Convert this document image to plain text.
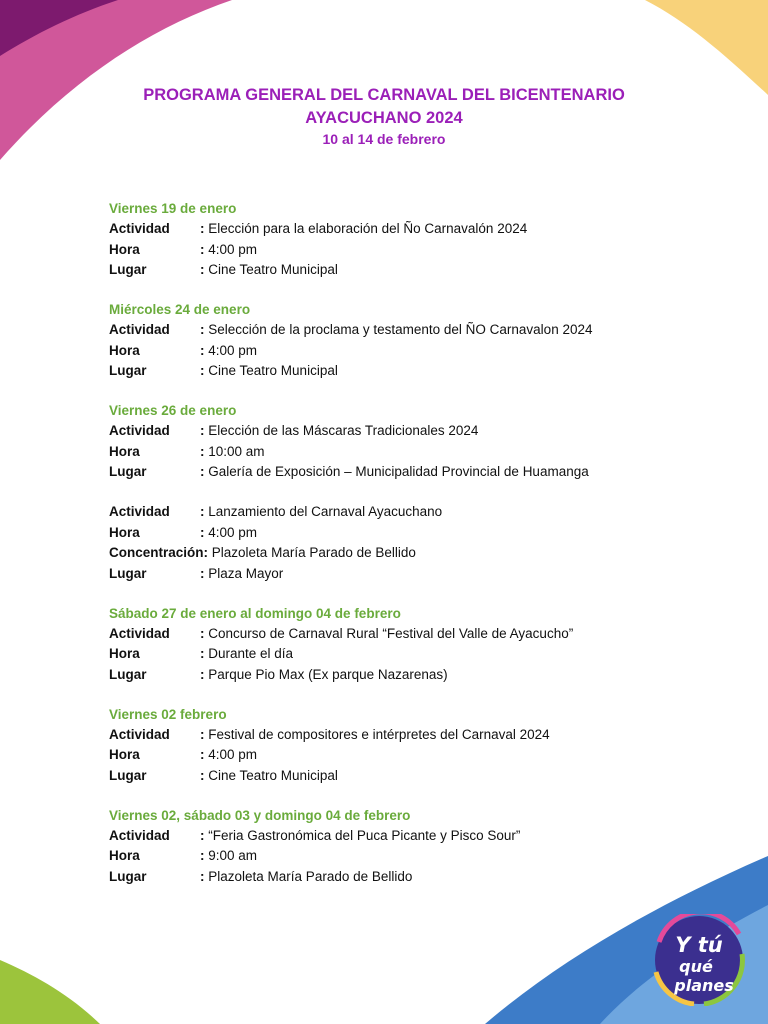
PROGRAMA GENERAL DEL CARNAVAL DEL BICENTENARIO
AYACUCHANO 2024
10 al 14 de febrero
Viernes 19 de enero
Actividad : Elección para la elaboración del Ño Carnavalón 2024
Hora	: 4:00 pm
Lugar	: Cine Teatro Municipal
Miércoles 24 de enero
Actividad : Selección de la proclama y testamento del ÑO Carnavalon 2024
Hora	: 4:00 pm
Lugar	: Cine Teatro Municipal
Viernes 26 de enero
Actividad : Elección de las Máscaras Tradicionales 2024
Hora	: 10:00 am
Lugar	: Galería de Exposición – Municipalidad Provincial de Huamanga
Actividad : Lanzamiento del Carnaval Ayacuchano
Hora	: 4:00 pm
Concentración: Plazoleta María Parado de Bellido
Lugar	: Plaza Mayor
Sábado 27 de enero al domingo 04 de febrero
Actividad : Concurso de Carnaval Rural “Festival del Valle de Ayacucho”
Hora	: Durante el día
Lugar	: Parque Pio Max (Ex parque Nazarenas)
Viernes 02 febrero
Actividad : Festival de compositores e intérpretes del Carnaval 2024
Hora	: 4:00 pm
Lugar	: Cine Teatro Municipal
Viernes 02, sábado 03 y domingo 04 de febrero
Actividad : “Feria Gastronómica del Puca Picante y Pisco Sour”
Hora	: 9:00 am
Lugar	: Plazoleta María Parado de Bellido
Y tú
qué
planes
